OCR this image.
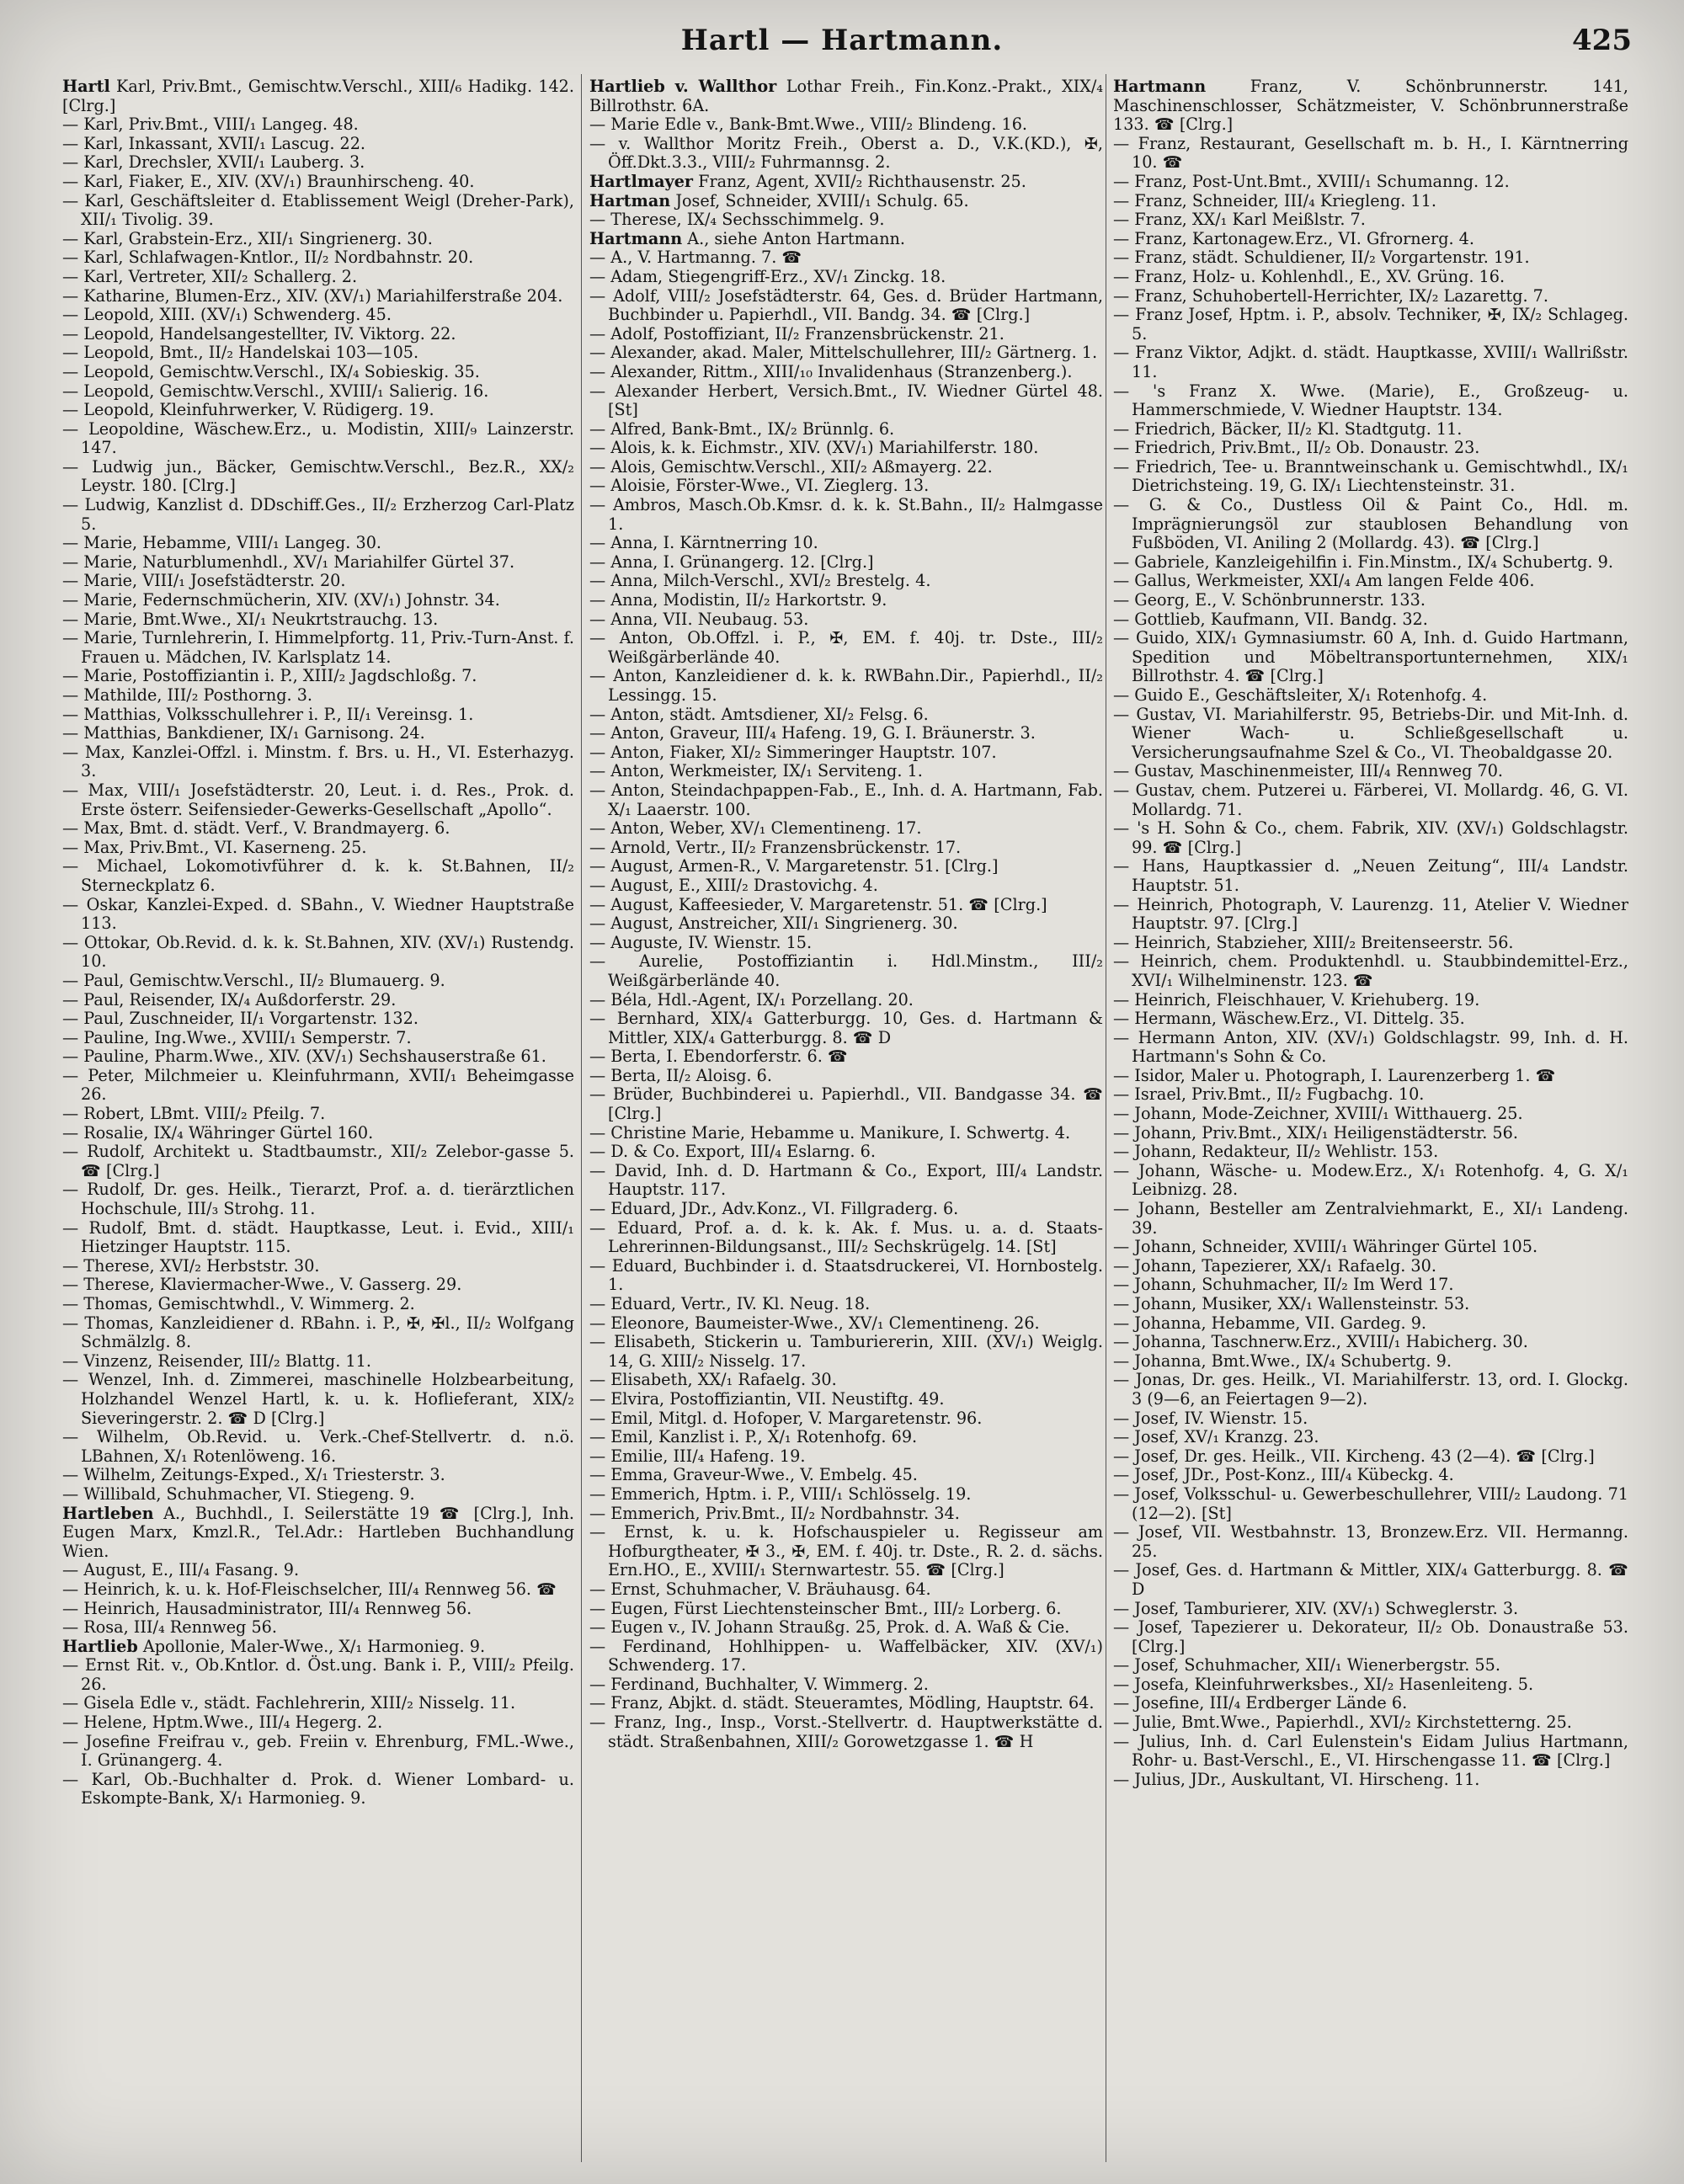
Hartl — Hartmann.	425

Hartl Karl, Priv.Bmt., Gemischtw.Verschl., XIII/₆ Hadikg. 142. [Clrg.]

— Karl, Priv.Bmt., VIII/₁ Langeg. 48.

— Karl, Inkassant, XVII/₁ Lascug. 22.

— Karl, Drechsler, XVII/₁ Lauberg. 3.

— Karl, Fiaker, E., XIV. (XV/₁) Braunhirscheng. 40.

— Karl, Geschäftsleiter d. Etablissement Weigl (Dreher-Park), XII/₁ Tivolig. 39.

— Karl, Grabstein-Erz., XII/₁ Singrienerg. 30.

— Karl, Schlafwagen-Kntlor., II/₂ Nordbahnstr. 20.

— Karl, Vertreter, XII/₂ Schallerg. 2.

— Katharine, Blumen-Erz., XIV. (XV/₁) Mariahilferstraße 204.

— Leopold, XIII. (XV/₁) Schwenderg. 45.

— Leopold, Handelsangestellter, IV. Viktorg. 22.

— Leopold, Bmt., II/₂ Handelskai 103—105.

— Leopold, Gemischtw.Verschl., IX/₄ Sobieskig. 35.

— Leopold, Gemischtw.Verschl., XVIII/₁ Salierig. 16.

— Leopold, Kleinfuhrwerker, V. Rüdigerg. 19.

— Leopoldine, Wäschew.Erz., u. Modistin, XIII/₉ Lainzerstr. 147.

— Ludwig jun., Bäcker, Gemischtw.Verschl., Bez.R., XX/₂ Leystr. 180. [Clrg.]

— Ludwig, Kanzlist d. DDschiff.Ges., II/₂ Erzherzog Carl-Platz 5.

— Marie, Hebamme, VIII/₁ Langeg. 30.

— Marie, Naturblumenhdl., XV/₁ Mariahilfer Gürtel 37.

— Marie, VIII/₁ Josefstädterstr. 20.

— Marie, Federnschmücherin, XIV. (XV/₁) Johnstr. 34.

— Marie, Bmt.Wwe., XI/₁ Neukrtstrauchg. 13.

— Marie, Turnlehrerin, I. Himmelpfortg. 11, Priv.-Turn-Anst. f. Frauen u. Mädchen, IV. Karlsplatz 14.

— Marie, Postoffiziantin i. P., XIII/₂ Jagdschloßg. 7.

— Mathilde, III/₂ Posthorng. 3.

— Matthias, Volksschullehrer i. P., II/₁ Vereinsg. 1.

— Matthias, Bankdiener, IX/₁ Garnisong. 24.

— Max, Kanzlei-Offzl. i. Minstm. f. Brs. u. H., VI. Esterhazyg. 3.

— Max, VIII/₁ Josefstädterstr. 20, Leut. i. d. Res., Prok. d. Erste österr. Seifensieder-Gewerks-Gesellschaft „Apollo“.

— Max, Bmt. d. städt. Verf., V. Brandmayerg. 6.

— Max, Priv.Bmt., VI. Kaserneng. 25.

— Michael, Lokomotivführer d. k. k. St.Bahnen, II/₂ Sterneckplatz 6.

— Oskar, Kanzlei-Exped. d. SBahn., V. Wiedner Hauptstraße 113.

— Ottokar, Ob.Revid. d. k. k. St.Bahnen, XIV. (XV/₁) Rustendg. 10.

— Paul, Gemischtw.Verschl., II/₂ Blumauerg. 9.

— Paul, Reisender, IX/₄ Außdorferstr. 29.

— Paul, Zuschneider, II/₁ Vorgartenstr. 132.

— Pauline, Ing.Wwe., XVIII/₁ Semperstr. 7.

— Pauline, Pharm.Wwe., XIV. (XV/₁) Sechshauserstraße 61.

— Peter, Milchmeier u. Kleinfuhrmann, XVII/₁ Beheimgasse 26.

— Robert, LBmt. VIII/₂ Pfeilg. 7.

— Rosalie, IX/₄ Währinger Gürtel 160.

— Rudolf, Architekt u. Stadtbaumstr., XII/₂ Zelebor-gasse 5. ☎ [Clrg.]

— Rudolf, Dr. ges. Heilk., Tierarzt, Prof. a. d. tierärztlichen Hochschule, III/₃ Strohg. 11.

— Rudolf, Bmt. d. städt. Hauptkasse, Leut. i. Evid., XIII/₁ Hietzinger Hauptstr. 115.

— Therese, XVI/₂ Herbststr. 30.

— Therese, Klaviermacher-Wwe., V. Gasserg. 29.

— Thomas, Gemischtwhdl., V. Wimmerg. 2.

— Thomas, Kanzleidiener d. RBahn. i. P., ✠, ✠l., II/₂ Wolfgang Schmälzlg. 8.

— Vinzenz, Reisender, III/₂ Blattg. 11.

— Wenzel, Inh. d. Zimmerei, maschinelle Holzbearbeitung, Holzhandel Wenzel Hartl, k. u. k. Hoflieferant, XIX/₂ Sieveringerstr. 2. ☎ D [Clrg.]

— Wilhelm, Ob.Revid. u. Verk.-Chef-Stellvertr. d. n.ö. LBahnen, X/₁ Rotenlöweng. 16.

— Wilhelm, Zeitungs-Exped., X/₁ Triesterstr. 3.

— Willibald, Schuhmacher, VI. Stiegeng. 9.

Hartleben A., Buchhdl., I. Seilerstätte 19 ☎ [Clrg.], Inh. Eugen Marx, Kmzl.R., Tel.Adr.: Hartleben Buchhandlung Wien.

— August, E., III/₄ Fasang. 9.

— Heinrich, k. u. k. Hof-Fleischselcher, III/₄ Rennweg 56. ☎

— Heinrich, Hausadministrator, III/₄ Rennweg 56.

— Rosa, III/₄ Rennweg 56.

Hartlieb Apollonie, Maler-Wwe., X/₁ Harmonieg. 9.

— Ernst Rit. v., Ob.Kntlor. d. Öst.ung. Bank i. P., VIII/₂ Pfeilg. 26.

— Gisela Edle v., städt. Fachlehrerin, XIII/₂ Nisselg. 11.

— Helene, Hptm.Wwe., III/₄ Hegerg. 2.

— Josefine Freifrau v., geb. Freiin v. Ehrenburg, FML.-Wwe., I. Grünangerg. 4.

— Karl, Ob.-Buchhalter d. Prok. d. Wiener Lombard- u. Eskompte-Bank, X/₁ Harmonieg. 9.

Hartlieb v. Wallthor Lothar Freih., Fin.Konz.-Prakt., XIX/₄ Billrothstr. 6A.

— Marie Edle v., Bank-Bmt.Wwe., VIII/₂ Blindeng. 16.

— v. Wallthor Moritz Freih., Oberst a. D., V.K.(KD.), ✠, Öff.Dkt.3.3., VIII/₂ Fuhrmannsg. 2.

Hartlmayer Franz, Agent, XVII/₂ Richthausenstr. 25.

Hartman Josef, Schneider, XVIII/₁ Schulg. 65.

— Therese, IX/₄ Sechsschimmelg. 9.

Hartmann A., siehe Anton Hartmann.

— A., V. Hartmanng. 7. ☎

— Adam, Stiegengriff-Erz., XV/₁ Zinckg. 18.

— Adolf, VIII/₂ Josefstädterstr. 64, Ges. d. Brüder Hartmann, Buchbinder u. Papierhdl., VII. Bandg. 34. ☎ [Clrg.]

— Adolf, Postoffiziant, II/₂ Franzensbrückenstr. 21.

— Alexander, akad. Maler, Mittelschullehrer, III/₂ Gärtnerg. 1.

— Alexander, Rittm., XIII/₁₀ Invalidenhaus (Stranzenberg.).

— Alexander Herbert, Versich.Bmt., IV. Wiedner Gürtel 48. [St]

— Alfred, Bank-Bmt., IX/₂ Brünnlg. 6.

— Alois, k. k. Eichmstr., XIV. (XV/₁) Mariahilferstr. 180.

— Alois, Gemischtw.Verschl., XII/₂ Aßmayerg. 22.

— Aloisie, Förster-Wwe., VI. Zieglerg. 13.

— Ambros, Masch.Ob.Kmsr. d. k. k. St.Bahn., II/₂ Halmgasse 1.

— Anna, I. Kärntnerring 10.

— Anna, I. Grünangerg. 12. [Clrg.]

— Anna, Milch-Verschl., XVI/₂ Brestelg. 4.

— Anna, Modistin, II/₂ Harkortstr. 9.

— Anna, VII. Neubaug. 53.

— Anton, Ob.Offzl. i. P., ✠, EM. f. 40j. tr. Dste., III/₂ Weißgärberlände 40.

— Anton, Kanzleidiener d. k. k. RWBahn.Dir., Papierhdl., II/₂ Lessingg. 15.

— Anton, städt. Amtsdiener, XI/₂ Felsg. 6.

— Anton, Graveur, III/₄ Hafeng. 19, G. I. Bräunerstr. 3.

— Anton, Fiaker, XI/₂ Simmeringer Hauptstr. 107.

— Anton, Werkmeister, IX/₁ Serviteng. 1.

— Anton, Steindachpappen-Fab., E., Inh. d. A. Hartmann, Fab. X/₁ Laaerstr. 100.

— Anton, Weber, XV/₁ Clementineng. 17.

— Arnold, Vertr., II/₂ Franzensbrückenstr. 17.

— August, Armen-R., V. Margaretenstr. 51. [Clrg.]

— August, E., XIII/₂ Drastovichg. 4.

— August, Kaffeesieder, V. Margaretenstr. 51. ☎ [Clrg.]

— August, Anstreicher, XII/₁ Singrienerg. 30.

— Auguste, IV. Wienstr. 15.

— Aurelie, Postoffiziantin i. Hdl.Minstm., III/₂ Weißgärberlände 40.

— Béla, Hdl.-Agent, IX/₁ Porzellang. 20.

— Bernhard, XIX/₄ Gatterburgg. 10, Ges. d. Hartmann & Mittler, XIX/₄ Gatterburgg. 8. ☎ D

— Berta, I. Ebendorferstr. 6. ☎

— Berta, II/₂ Aloisg. 6.

— Brüder, Buchbinderei u. Papierhdl., VII. Bandgasse 34. ☎ [Clrg.]

— Christine Marie, Hebamme u. Manikure, I. Schwertg. 4.

— D. & Co. Export, III/₄ Eslarng. 6.

— David, Inh. d. D. Hartmann & Co., Export, III/₄ Landstr. Hauptstr. 117.

— Eduard, JDr., Adv.Konz., VI. Fillgraderg. 6.

— Eduard, Prof. a. d. k. k. Ak. f. Mus. u. a. d. Staats-Lehrerinnen-Bildungsanst., III/₂ Sechskrügelg. 14. [St]

— Eduard, Buchbinder i. d. Staatsdruckerei, VI. Hornbostelg. 1.

— Eduard, Vertr., IV. Kl. Neug. 18.

— Eleonore, Baumeister-Wwe., XV/₁ Clementineng. 26.

— Elisabeth, Stickerin u. Tamburiererin, XIII. (XV/₁) Weiglg. 14, G. XIII/₂ Nisselg. 17.

— Elisabeth, XX/₁ Rafaelg. 30.

— Elvira, Postoffiziantin, VII. Neustiftg. 49.

— Emil, Mitgl. d. Hofoper, V. Margaretenstr. 96.

— Emil, Kanzlist i. P., X/₁ Rotenhofg. 69.

— Emilie, III/₄ Hafeng. 19.

— Emma, Graveur-Wwe., V. Embelg. 45.

— Emmerich, Hptm. i. P., VIII/₁ Schlösselg. 19.

— Emmerich, Priv.Bmt., II/₂ Nordbahnstr. 34.

— Ernst, k. u. k. Hofschauspieler u. Regisseur am Hofburgtheater, ✠ 3., ✠, EM. f. 40j. tr. Dste., R. 2. d. sächs. Ern.HO., E., XVIII/₁ Sternwartestr. 55. ☎ [Clrg.]

— Ernst, Schuhmacher, V. Bräuhausg. 64.

— Eugen, Fürst Liechtensteinscher Bmt., III/₂ Lorberg. 6.

— Eugen v., IV. Johann Straußg. 25, Prok. d. A. Waß & Cie.

— Ferdinand, Hohlhippen- u. Waffelbäcker, XIV. (XV/₁) Schwenderg. 17.

— Ferdinand, Buchhalter, V. Wimmerg. 2.

— Franz, Abjkt. d. städt. Steueramtes, Mödling, Hauptstr. 64.

— Franz, Ing., Insp., Vorst.-Stellvertr. d. Hauptwerkstätte d. städt. Straßenbahnen, XIII/₂ Gorowetzgasse 1. ☎ H

Hartmann Franz, V. Schönbrunnerstr. 141, Maschinenschlosser, Schätzmeister, V. Schönbrunnerstraße 133. ☎ [Clrg.]

— Franz, Restaurant, Gesellschaft m. b. H., I. Kärntnerring 10. ☎

— Franz, Post-Unt.Bmt., XVIII/₁ Schumanng. 12.

— Franz, Schneider, III/₄ Kriegleng. 11.

— Franz, XX/₁ Karl Meißlstr. 7.

— Franz, Kartonagew.Erz., VI. Gfrornerg. 4.

— Franz, städt. Schuldiener, II/₂ Vorgartenstr. 191.

— Franz, Holz- u. Kohlenhdl., E., XV. Grüng. 16.

— Franz, Schuhobertell-Herrichter, IX/₂ Lazarettg. 7.

— Franz Josef, Hptm. i. P., absolv. Techniker, ✠, IX/₂ Schlageg. 5.

— Franz Viktor, Adjkt. d. städt. Hauptkasse, XVIII/₁ Wallrißstr. 11.

— 's Franz X. Wwe. (Marie), E., Großzeug- u. Hammerschmiede, V. Wiedner Hauptstr. 134.

— Friedrich, Bäcker, II/₂ Kl. Stadtgutg. 11.

— Friedrich, Priv.Bmt., II/₂ Ob. Donaustr. 23.

— Friedrich, Tee- u. Branntweinschank u. Gemischtwhdl., IX/₁ Dietrichsteing. 19, G. IX/₁ Liechtensteinstr. 31.

— G. & Co., Dustless Oil & Paint Co., Hdl. m. Imprägnierungsöl zur staublosen Behandlung von Fußböden, VI. Aniling 2 (Mollardg. 43). ☎ [Clrg.]

— Gabriele, Kanzleigehilfin i. Fin.Minstm., IX/₄ Schubertg. 9.

— Gallus, Werkmeister, XXI/₄ Am langen Felde 406.

— Georg, E., V. Schönbrunnerstr. 133.

— Gottlieb, Kaufmann, VII. Bandg. 32.

— Guido, XIX/₁ Gymnasiumstr. 60 A, Inh. d. Guido Hartmann, Spedition und Möbeltransportunternehmen, XIX/₁ Billrothstr. 4. ☎ [Clrg.]

— Guido E., Geschäftsleiter, X/₁ Rotenhofg. 4.

— Gustav, VI. Mariahilferstr. 95, Betriebs-Dir. und Mit-Inh. d. Wiener Wach- u. Schließgesellschaft u. Versicherungsaufnahme Szel & Co., VI. Theobaldgasse 20.

— Gustav, Maschinenmeister, III/₄ Rennweg 70.

— Gustav, chem. Putzerei u. Färberei, VI. Mollardg. 46, G. VI. Mollardg. 71.

— 's H. Sohn & Co., chem. Fabrik, XIV. (XV/₁) Goldschlagstr. 99. ☎ [Clrg.]

— Hans, Hauptkassier d. „Neuen Zeitung“, III/₄ Landstr. Hauptstr. 51.

— Heinrich, Photograph, V. Laurenzg. 11, Atelier V. Wiedner Hauptstr. 97. [Clrg.]

— Heinrich, Stabzieher, XIII/₂ Breitenseerstr. 56.

— Heinrich, chem. Produktenhdl. u. Staubbindemittel-Erz., XVI/₁ Wilhelminenstr. 123. ☎

— Heinrich, Fleischhauer, V. Kriehuberg. 19.

— Hermann, Wäschew.Erz., VI. Dittelg. 35.

— Hermann Anton, XIV. (XV/₁) Goldschlagstr. 99, Inh. d. H. Hartmann's Sohn & Co.

— Isidor, Maler u. Photograph, I. Laurenzerberg 1. ☎

— Israel, Priv.Bmt., II/₂ Fugbachg. 10.

— Johann, Mode-Zeichner, XVIII/₁ Witthauerg. 25.

— Johann, Priv.Bmt., XIX/₁ Heiligenstädterstr. 56.

— Johann, Redakteur, II/₂ Wehlistr. 153.

— Johann, Wäsche- u. Modew.Erz., X/₁ Rotenhofg. 4, G. X/₁ Leibnizg. 28.

— Johann, Besteller am Zentralviehmarkt, E., XI/₁ Landeng. 39.

— Johann, Schneider, XVIII/₁ Währinger Gürtel 105.

— Johann, Tapezierer, XX/₁ Rafaelg. 30.

— Johann, Schuhmacher, II/₂ Im Werd 17.

— Johann, Musiker, XX/₁ Wallensteinstr. 53.

— Johanna, Hebamme, VII. Gardeg. 9.

— Johanna, Taschnerw.Erz., XVIII/₁ Habicherg. 30.

— Johanna, Bmt.Wwe., IX/₄ Schubertg. 9.

— Jonas, Dr. ges. Heilk., VI. Mariahilferstr. 13, ord. I. Glockg. 3 (9—6, an Feiertagen 9—2).

— Josef, IV. Wienstr. 15.

— Josef, XV/₁ Kranzg. 23.

— Josef, Dr. ges. Heilk., VII. Kircheng. 43 (2—4). ☎ [Clrg.]

— Josef, JDr., Post-Konz., III/₄ Kübeckg. 4.

— Josef, Volksschul- u. Gewerbeschullehrer, VIII/₂ Laudong. 71 (12—2). [St]

— Josef, VII. Westbahnstr. 13, Bronzew.Erz. VII. Hermanng. 25.

— Josef, Ges. d. Hartmann & Mittler, XIX/₄ Gatterburgg. 8. ☎ D

— Josef, Tamburierer, XIV. (XV/₁) Schweglerstr. 3.

— Josef, Tapezierer u. Dekorateur, II/₂ Ob. Donaustraße 53. [Clrg.]

— Josef, Schuhmacher, XII/₁ Wienerbergstr. 55.

— Josefa, Kleinfuhrwerksbes., XI/₂ Hasenleiteng. 5.

— Josefine, III/₄ Erdberger Lände 6.

— Julie, Bmt.Wwe., Papierhdl., XVI/₂ Kirchstetterng. 25.

— Julius, Inh. d. Carl Eulenstein's Eidam Julius Hartmann, Rohr- u. Bast-Verschl., E., VI. Hirschengasse 11. ☎ [Clrg.]

— Julius, JDr., Auskultant, VI. Hirscheng. 11.
